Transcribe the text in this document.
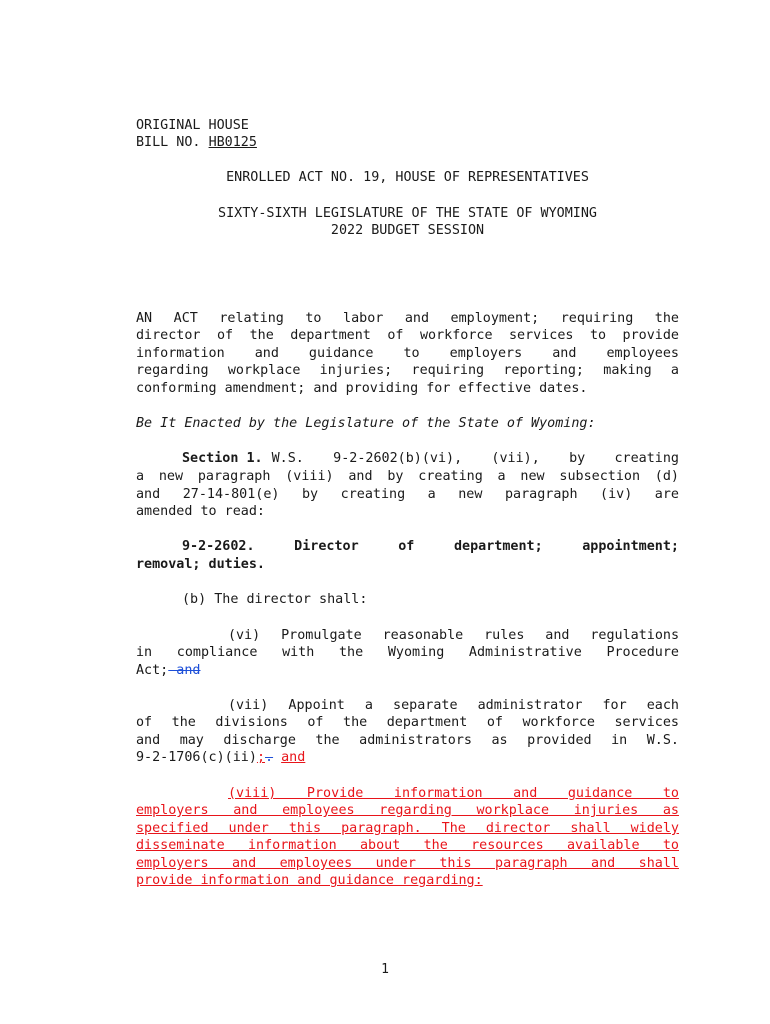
ORIGINAL HOUSE
BILL NO. HB0125
ENROLLED ACT NO. 19, HOUSE OF REPRESENTATIVES
SIXTY-SIXTH LEGISLATURE OF THE STATE OF WYOMING
2022 BUDGET SESSION
AN ACT relating to labor and employment; requiring the
director of the department of workforce services to provide
information and guidance to employers and employees
regarding workplace injuries; requiring reporting; making a
conforming amendment; and providing for effective dates.
Be It Enacted by the Legislature of the State of Wyoming:
Section 1. W.S. 9-2-2602(b)(vi), (vii), by creating
a new paragraph (viii) and by creating a new subsection (d)
and 27-14-801(e) by creating a new paragraph (iv) are
amended to read:
9-2-2602. Director of department; appointment;
removal; duties.
(b) The director shall:
(vi) Promulgate reasonable rules and regulations
in compliance with the Wyoming Administrative Procedure
Act; and
(vii) Appoint a separate administrator for each
of the divisions of the department of workforce services
and may discharge the administrators as provided in W.S.
9-2-1706(c)(ii);. and
(viii) Provide information and guidance to
employers and employees regarding workplace injuries as
specified under this paragraph. The director shall widely
disseminate information about the resources available to
employers and employees under this paragraph and shall
provide information and guidance regarding:
1
